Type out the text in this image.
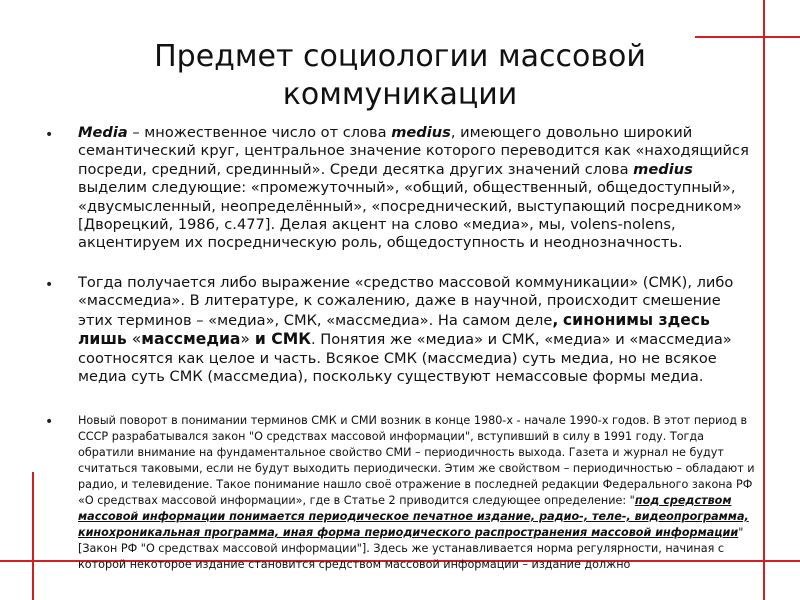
Предмет социологии массовой
коммуникации
• Media – множественное число от слова medius, имеющего довольно широкий семантический круг, центральное значение которого переводится как «находящийся посреди, средний, срединный». Среди десятка других значений слова medius выделим следующие: «промежуточный», «общий, общественный, общедоступный», «двусмысленный, неопределённый», «посреднический, выступающий посредником» [Дворецкий, 1986, с.477]. Делая акцент на слово «медиа», мы, volens-nolens, акцентируем их посредническую роль, общедоступность и неоднозначность.
• Тогда получается либо выражение «средство массовой коммуникации» (СМК), либо «массмедиа». В литературе, к сожалению, даже в научной, происходит смешение этих терминов – «медиа», СМК, «массмедиа». На самом деле, синонимы здесь лишь «массмедиа» и СМК. Понятия же «медиа» и СМК, «медиа» и «массмедиа» соотносятся как целое и часть. Всякое СМК (массмедиа) суть медиа, но не всякое медиа суть СМК (массмедиа), поскольку существуют немассовые формы медиа.
• Новый поворот в понимании терминов СМК и СМИ возник в конце 1980-х - начале 1990-х годов. В этот период в СССР разрабатывался закон "О средствах массовой информации", вступивший в силу в 1991 году. Тогда обратили внимание на фундаментальное свойство СМИ – периодичность выхода. Газета и журнал не будут считаться таковыми, если не будут выходить периодически. Этим же свойством – периодичностью – обладают и радио, и телевидение. Такое понимание нашло своё отражение в последней редакции Федерального закона РФ «О средствах массовой информации», где в Статье 2 приводится следующее определение: "под средством массовой информации понимается периодическое печатное издание, радио-, теле-, видеопрограмма, кинохроникальная программа, иная форма периодического распространения массовой информации" [Закон РФ "О средствах массовой информации"]. Здесь же устанавливается норма регулярности, начиная с которой некоторое издание становится средством массовой информации – издание должно
